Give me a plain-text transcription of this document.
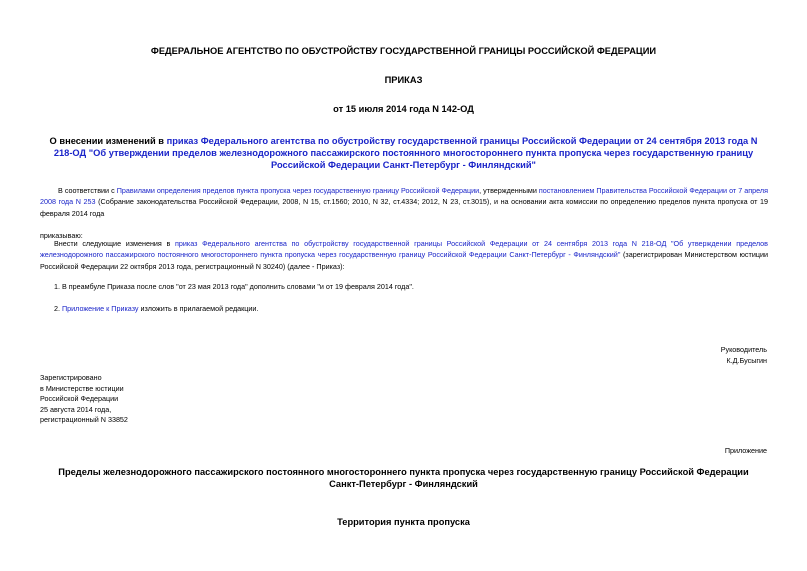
ФЕДЕРАЛЬНОЕ АГЕНТСТВО ПО ОБУСТРОЙСТВУ ГОСУДАРСТВЕННОЙ ГРАНИЦЫ РОССИЙСКОЙ ФЕДЕРАЦИИ
ПРИКАЗ
от 15 июля 2014 года N 142-ОД
О внесении изменений в приказ Федерального агентства по обустройству государственной границы Российской Федерации от 24 сентября 2013 года N 218-ОД "Об утверждении пределов железнодорожного пассажирского постоянного многостороннего пункта пропуска через государственную границу Российской Федерации Санкт-Петербург - Финляндский"
В соответствии с Правилами определения пределов пункта пропуска через государственную границу Российской Федерации, утвержденными постановлением Правительства Российской Федерации от 7 апреля 2008 года N 253 (Собрание законодательства Российской Федерации, 2008, N 15, ст.1560; 2010, N 32, ст.4334; 2012, N 23, ст.3015), и на основании акта комиссии по определению пределов пункта пропуска от 19 февраля 2014 года
приказываю:
Внести следующие изменения в приказ Федерального агентства по обустройству государственной границы Российской Федерации от 24 сентября 2013 года N 218-ОД "Об утверждении пределов железнодорожного пассажирского постоянного многостороннего пункта пропуска через государственную границу Российской Федерации Санкт-Петербург - Финляндский" (зарегистрирован Министерством юстиции Российской Федерации 22 октября 2013 года, регистрационный N 30240) (далее - Приказ):
1. В преамбуле Приказа после слов "от 23 мая 2013 года" дополнить словами "и от 19 февраля 2014 года".
2. Приложение к Приказу изложить в прилагаемой редакции.
Руководитель
К.Д.Бусыгин
Зарегистрировано
в Министерстве юстиции
Российской Федерации
25 августа 2014 года,
регистрационный N 33852
Приложение
Пределы железнодорожного пассажирского постоянного многостороннего пункта пропуска через государственную границу Российской Федерации Санкт-Петербург - Финляндский
Территория пункта пропуска
